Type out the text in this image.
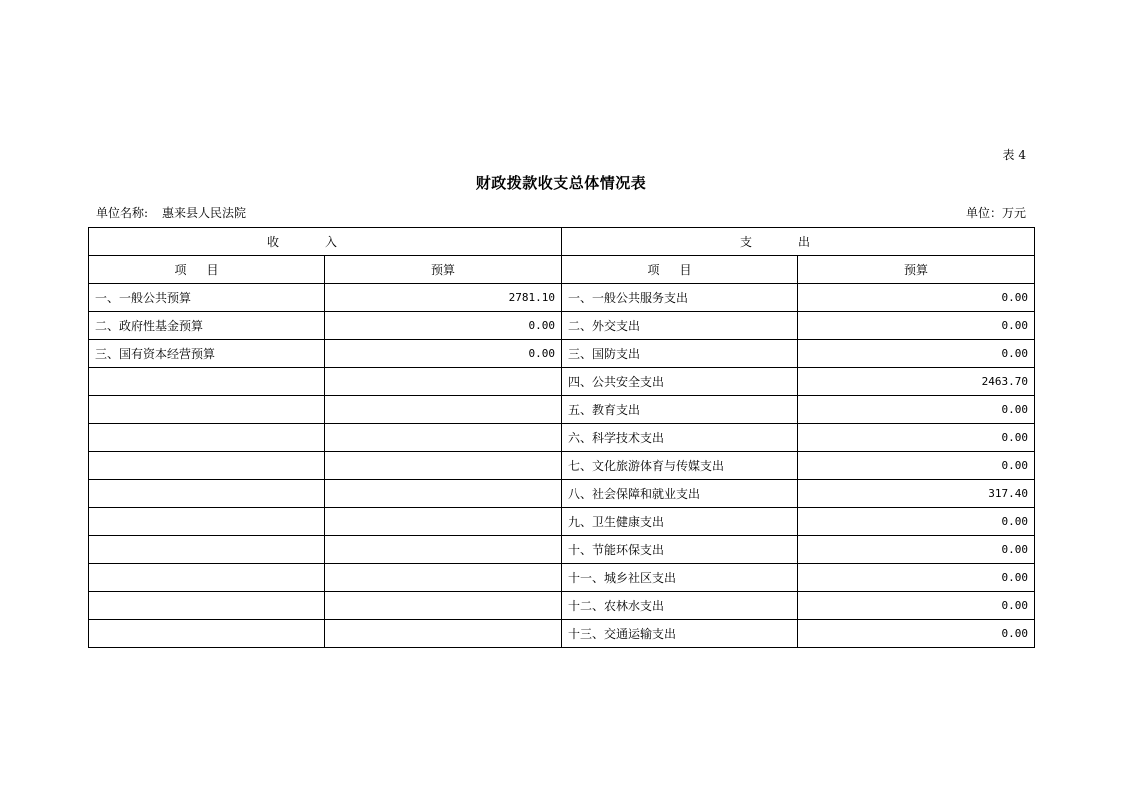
表 4
财政拨款收支总体情况表
单位名称: 惠来县人民法院	单位：万元
收入		支出	
项目	预算	项目	预算
一、一般公共预算	2781.10	一、一般公共服务支出	0.00
二、政府性基金预算	0.00	二、外交支出	0.00
三、国有资本经营预算	0.00	三、国防支出	0.00
		四、公共安全支出	2463.70
		五、教育支出	0.00
		六、科学技术支出	0.00
		七、文化旅游体育与传媒支出	0.00
		八、社会保障和就业支出	317.40
		九、卫生健康支出	0.00
		十、节能环保支出	0.00
		十一、城乡社区支出	0.00
		十二、农林水支出	0.00
		十三、交通运输支出	0.00
